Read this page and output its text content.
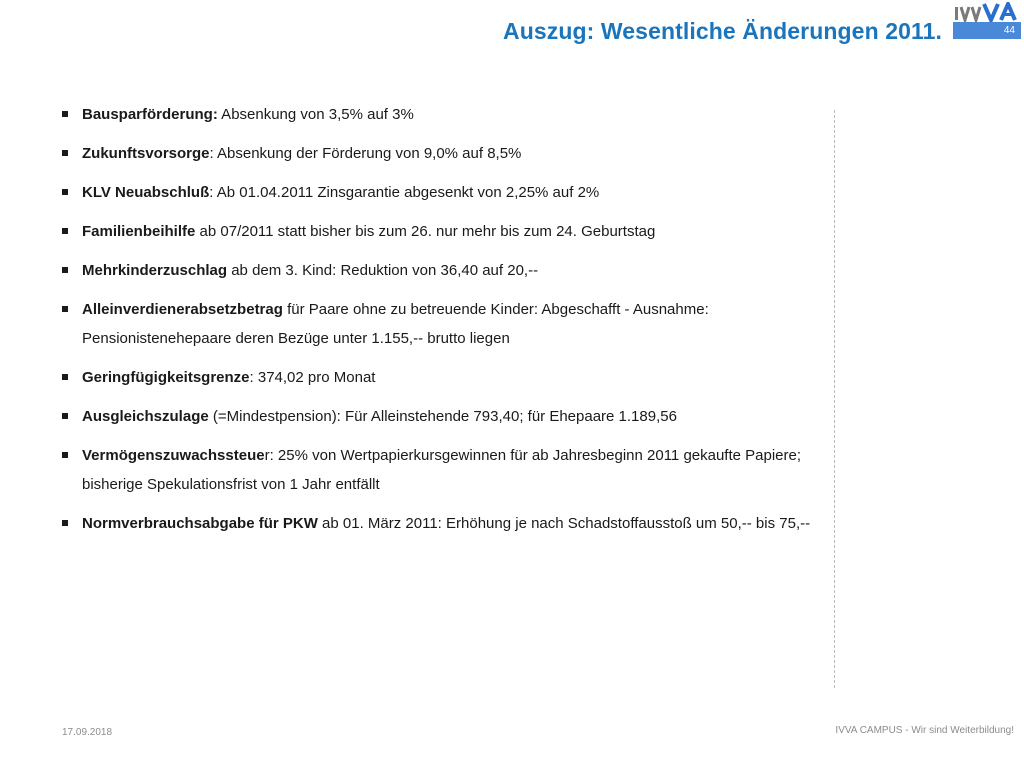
Auszug: Wesentliche Änderungen 2011.	44
Bausparförderung: Absenkung von 3,5% auf 3%
Zukunftsvorsorge: Absenkung der Förderung von 9,0% auf 8,5%
KLV Neuabschluß: Ab 01.04.2011 Zinsgarantie abgesenkt von 2,25% auf 2%
Familienbeihilfe ab 07/2011 statt bisher bis zum 26. nur mehr bis zum 24. Geburtstag
Mehrkinderzuschlag ab dem 3. Kind: Reduktion von 36,40 auf 20,--
Alleinverdienerabsetzbetrag für Paare ohne zu betreuende Kinder: Abgeschafft - Ausnahme: Pensionistenehepaare deren Bezüge unter 1.155,-- brutto liegen
Geringfügigkeitsgrenze: 374,02 pro Monat
Ausgleichszulage (=Mindestpension): Für Alleinstehende 793,40; für Ehepaare 1.189,56
Vermögenszuwachssteuer: 25% von Wertpapierkursgewinnen für ab Jahresbeginn 2011 gekaufte Papiere; bisherige Spekulationsfrist von 1 Jahr entfällt
Normverbrauchsabgabe für PKW ab 01. März 2011: Erhöhung je nach Schadstoffausstoß um 50,-- bis 75,--
17.09.2018	IVVA CAMPUS - Wir sind Weiterbildung!
